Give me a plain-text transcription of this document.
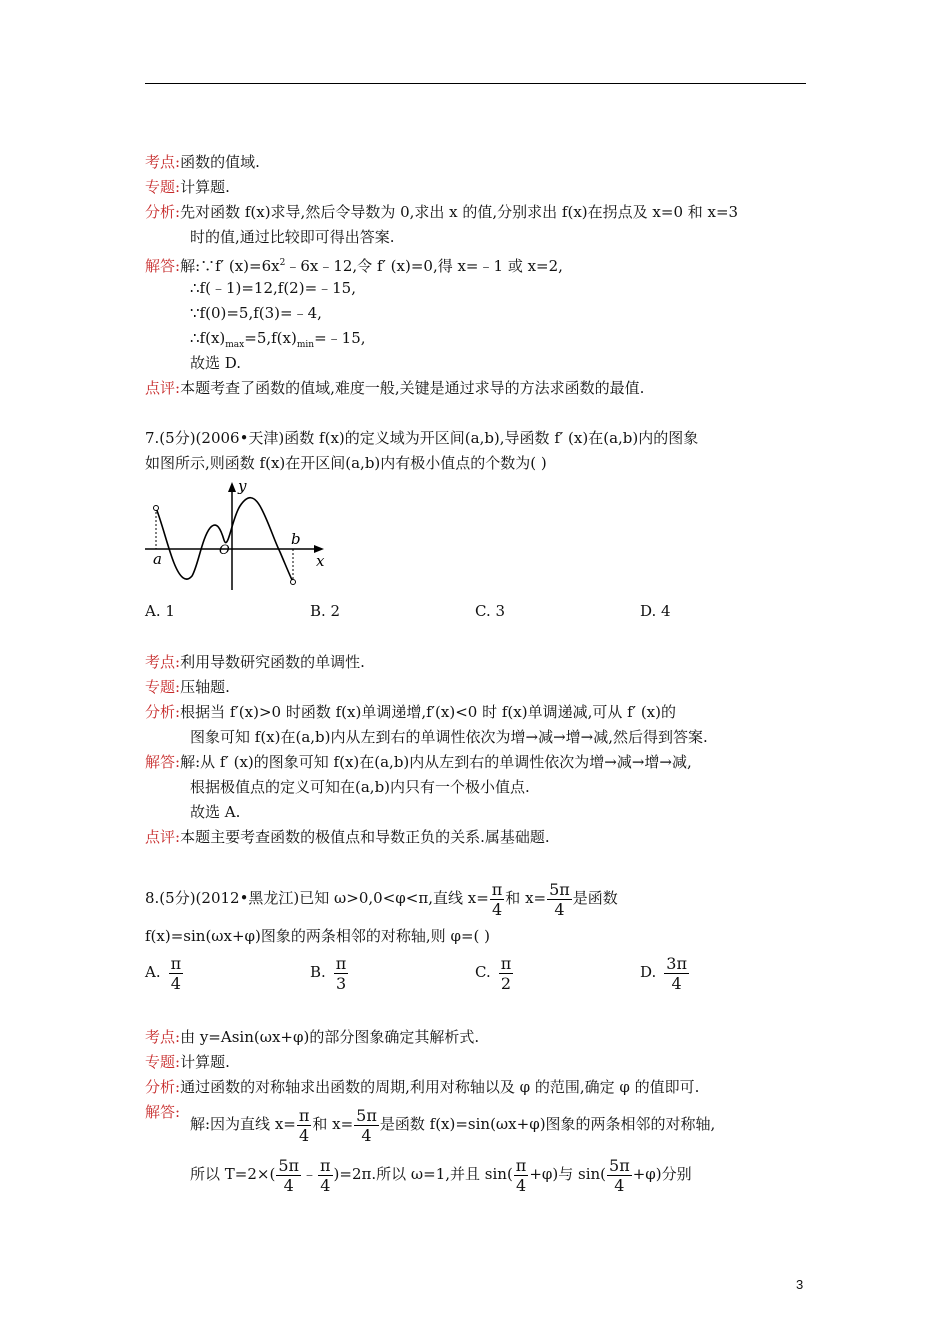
考点:函数的值域.
专题:计算题.
分析:先对函数 f(x)求导,然后令导数为 0,求出 x 的值,分别求出 f(x)在拐点及 x=0 和 x=3
时的值,通过比较即可得出答案.
解答:解:∵f′ $(x)=6x^2﹣6x﹣12$,令 f′ (x)=0,得 x=﹣1 或 x=2,
∴f(﹣1)=12,f(2)=﹣15,
∵f(0)=5,f(3)=﹣4,
$\therefore f(x)_{max}=5,f(x)_{min}=﹣15$,
故选 D.
点评:本题考查了函数的值域,难度一般,关键是通过求导的方法求函数的最值.
7.(5分)(2006•天津)函数 f(x)的定义域为开区间(a,b),导函数 f′ (x)在(a,b)内的图象
如图所示,则函数 f(x)在开区间(a,b)内有极小值点的个数为( )
y
x
a
b
O
A. 1	B. 2	C. 3	D. 4
考点:利用导数研究函数的单调性.
专题:压轴题.
分析:根据当 f′(x)>0 时函数 f(x)单调递增,f′(x)<0 时 f(x)单调递减,可从 f′ (x)的
图象可知 f(x)在(a,b)内从左到右的单调性依次为增→减→增→减,然后得到答案.
解答:解:从 f′ (x)的图象可知 f(x)在(a,b)内从左到右的单调性依次为增→减→增→减,
根据极值点的定义可知在(a,b)内只有一个极小值点.
故选 A.
点评:本题主要考查函数的极值点和导数正负的关系.属基础题.
8.(5分)(2012•黑龙江)已知 ω>0,0<φ<π,直线 $x= \frac{\pi}{4}$ 和 $x= \frac{5\pi}{4}$ 是函数
f(x)=sin(ωx+φ)图象的两条相邻的对称轴,则 φ=( )
A. $\frac{\pi}{4}$	B. $\frac{\pi}{3}$	C. $\frac{\pi}{2}$	D. $\frac{3\pi}{4}$
考点:由 y=Asin(ωx+φ)的部分图象确定其解析式.
专题:计算题.
分析:通过函数的对称轴求出函数的周期,利用对称轴以及 φ 的范围,确定 φ 的值即可.
解答:
解:因为直线 $x= \frac{\pi}{4}$ 和 $x= \frac{5\pi}{4}$ 是函数 f(x)=sin(ωx+φ)图象的两条相邻的对称轴,
所以 $T=2\times( \frac{5\pi}{4}$ ﹣ $\frac{\pi}{4} )=2\pi$.所以 ω=1,并且 $\sin( \frac{\pi}{4} +\varphi)$与 $\sin( \frac{5\pi}{4} +\varphi)$分别
3
